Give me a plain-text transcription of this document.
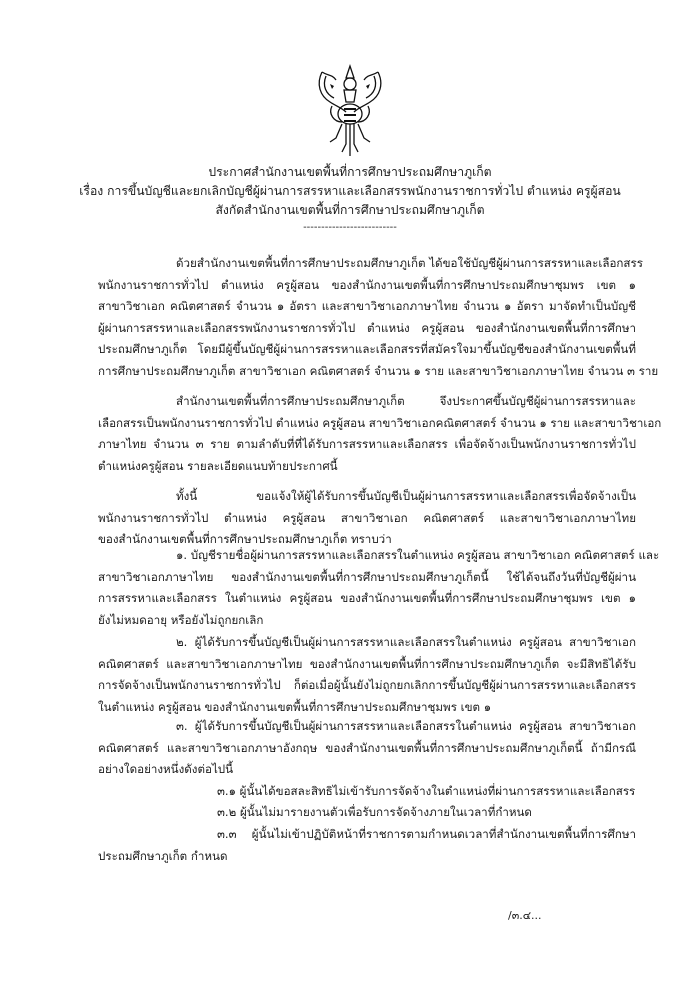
ประกาศสำนักงานเขตพื้นที่การศึกษาประถมศึกษาภูเก็ต
เรื่อง การขึ้นบัญชีและยกเลิกบัญชีผู้ผ่านการสรรหาและเลือกสรรพนักงานราชการทั่วไป ตำแหน่ง ครูผู้สอน
สังกัดสำนักงานเขตพื้นที่การศึกษาประถมศึกษาภูเก็ต
--------------------------
ด้วยสำนักงานเขตพื้นที่การศึกษาประถมศึกษาภูเก็ต ได้ขอใช้บัญชีผู้ผ่านการสรรหาและเลือกสรร
พนักงานราชการทั่วไป ตำแหน่ง ครูผู้สอน ของสำนักงานเขตพื้นที่การศึกษาประถมศึกษาชุมพร เขต ๑
สาขาวิชาเอก คณิตศาสตร์ จำนวน ๑ อัตรา และสาขาวิชาเอกภาษาไทย จำนวน ๑ อัตรา มาจัดทำเป็นบัญชี
ผู้ผ่านการสรรหาและเลือกสรรพนักงานราชการทั่วไป ตำแหน่ง ครูผู้สอน ของสำนักงานเขตพื้นที่การศึกษา
ประถมศึกษาภูเก็ต โดยมีผู้ขึ้นบัญชีผู้ผ่านการสรรหาและเลือกสรรที่สมัครใจมาขึ้นบัญชีของสำนักงานเขตพื้นที่
การศึกษาประถมศึกษาภูเก็ต สาขาวิชาเอก คณิตศาสตร์ จำนวน ๑ ราย และสาขาวิชาเอกภาษาไทย จำนวน ๓ ราย
สำนักงานเขตพื้นที่การศึกษาประถมศึกษาภูเก็ต จึงประกาศขึ้นบัญชีผู้ผ่านการสรรหาและ
เลือกสรรเป็นพนักงานราชการทั่วไป ตำแหน่ง ครูผู้สอน สาขาวิชาเอกคณิตศาสตร์ จำนวน ๑ ราย และสาขาวิชาเอก
ภาษาไทย จำนวน ๓ ราย ตามลำดับที่ที่ได้รับการสรรหาและเลือกสรร เพื่อจัดจ้างเป็นพนักงานราชการทั่วไป
ตำแหน่งครูผู้สอน รายละเอียดแนบท้ายประกาศนี้
ทั้งนี้ ขอแจ้งให้ผู้ได้รับการขึ้นบัญชีเป็นผู้ผ่านการสรรหาและเลือกสรรเพื่อจัดจ้างเป็น
พนักงานราชการทั่วไป ตำแหน่ง ครูผู้สอน สาขาวิชาเอก คณิตศาสตร์ และสาขาวิชาเอกภาษาไทย
ของสำนักงานเขตพื้นที่การศึกษาประถมศึกษาภูเก็ต ทราบว่า
๑. บัญชีรายชื่อผู้ผ่านการสรรหาและเลือกสรรในตำแหน่ง ครูผู้สอน สาขาวิชาเอก คณิตศาสตร์ และ
สาขาวิชาเอกภาษาไทย ของสำนักงานเขตพื้นที่การศึกษาประถมศึกษาภูเก็ตนี้ ใช้ได้จนถึงวันที่บัญชีผู้ผ่าน
การสรรหาและเลือกสรร ในตำแหน่ง ครูผู้สอน ของสำนักงานเขตพื้นที่การศึกษาประถมศึกษาชุมพร เขต ๑
ยังไม่หมดอายุ หรือยังไม่ถูกยกเลิก
๒. ผู้ได้รับการขึ้นบัญชีเป็นผู้ผ่านการสรรหาและเลือกสรรในตำแหน่ง ครูผู้สอน สาขาวิชาเอก
คณิตศาสตร์ และสาขาวิชาเอกภาษาไทย ของสำนักงานเขตพื้นที่การศึกษาประถมศึกษาภูเก็ต จะมีสิทธิได้รับ
การจัดจ้างเป็นพนักงานราชการทั่วไป ก็ต่อเมื่อผู้นั้นยังไม่ถูกยกเลิกการขึ้นบัญชีผู้ผ่านการสรรหาและเลือกสรร
ในตำแหน่ง ครูผู้สอน ของสำนักงานเขตพื้นที่การศึกษาประถมศึกษาชุมพร เขต ๑
๓. ผู้ได้รับการขึ้นบัญชีเป็นผู้ผ่านการสรรหาและเลือกสรรในตำแหน่ง ครูผู้สอน สาขาวิชาเอก
คณิตศาสตร์ และสาขาวิชาเอกภาษาอังกฤษ ของสำนักงานเขตพื้นที่การศึกษาประถมศึกษาภูเก็ตนี้ ถ้ามีกรณี
อย่างใดอย่างหนึ่งดังต่อไปนี้
๓.๑ ผู้นั้นได้ขอสละสิทธิไม่เข้ารับการจัดจ้างในตำแหน่งที่ผ่านการสรรหาและเลือกสรร
๓.๒ ผู้นั้นไม่มารายงานตัวเพื่อรับการจัดจ้างภายในเวลาที่กำหนด
๓.๓ ผู้นั้นไม่เข้าปฏิบัติหน้าที่ราชการตามกำหนดเวลาที่สำนักงานเขตพื้นที่การศึกษา
ประถมศึกษาภูเก็ต กำหนด
/๓.๔...
